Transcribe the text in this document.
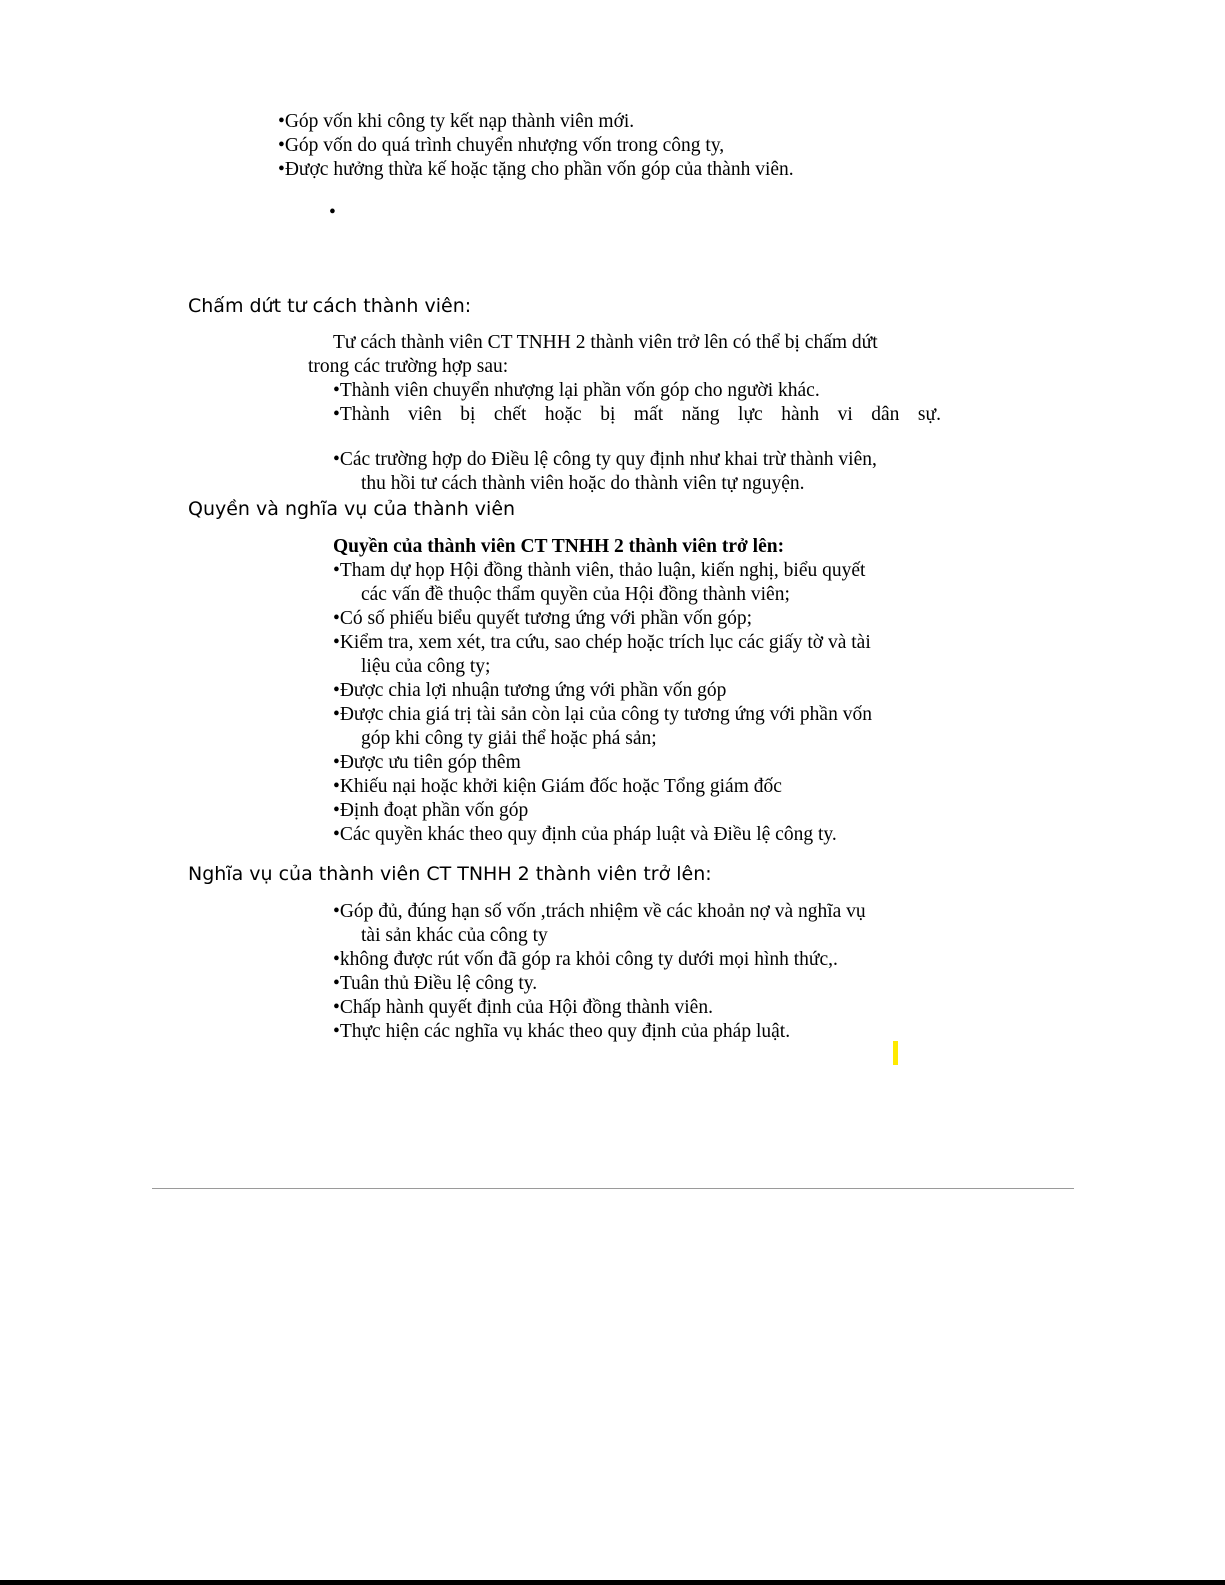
•Góp vốn khi công ty kết nạp thành viên mới.
•Góp vốn do quá trình chuyển nhượng vốn trong công ty,
•Được hưởng thừa kế hoặc tặng cho phần vốn góp của thành viên.
•
Chấm dứt tư cách thành viên:
Tư cách thành viên CT TNHH 2 thành viên trở lên có thể bị chấm dứt
trong các trường hợp sau:
•Thành viên chuyển nhượng lại phần vốn góp cho người khác.
•Thành viên bị chết hoặc bị mất năng lực hành vi dân sự.
•Các trường hợp do Điều lệ công ty quy định như khai trừ thành viên,
thu hồi tư cách thành viên hoặc do thành viên tự nguyện.
Quyền và nghĩa vụ của thành viên
Quyền của thành viên CT TNHH 2 thành viên trở lên:
•Tham dự họp Hội đồng thành viên, thảo luận, kiến nghị, biểu quyết
các vấn đề thuộc thẩm quyền của Hội đồng thành viên;
•Có số phiếu biểu quyết tương ứng với phần vốn góp;
•Kiểm tra, xem xét, tra cứu, sao chép hoặc trích lục các giấy tờ và tài
liệu của công ty;
•Được chia lợi nhuận tương ứng với phần vốn góp
•Được chia giá trị tài sản còn lại của công ty tương ứng với phần vốn
góp khi công ty giải thể hoặc phá sản;
•Được ưu tiên góp thêm
•Khiếu nại hoặc khởi kiện Giám đốc hoặc Tổng giám đốc
•Định đoạt phần vốn góp
•Các quyền khác theo quy định của pháp luật và Điều lệ công ty.
Nghĩa vụ của thành viên CT TNHH 2 thành viên trở lên:
•Góp đủ, đúng hạn số vốn ,trách nhiệm về các khoản nợ và nghĩa vụ
tài sản khác của công ty
•không được rút vốn đã góp ra khỏi công ty dưới mọi hình thức,.
•Tuân thủ Điều lệ công ty.
•Chấp hành quyết định của Hội đồng thành viên.
•Thực hiện các nghĩa vụ khác theo quy định của pháp luật.
